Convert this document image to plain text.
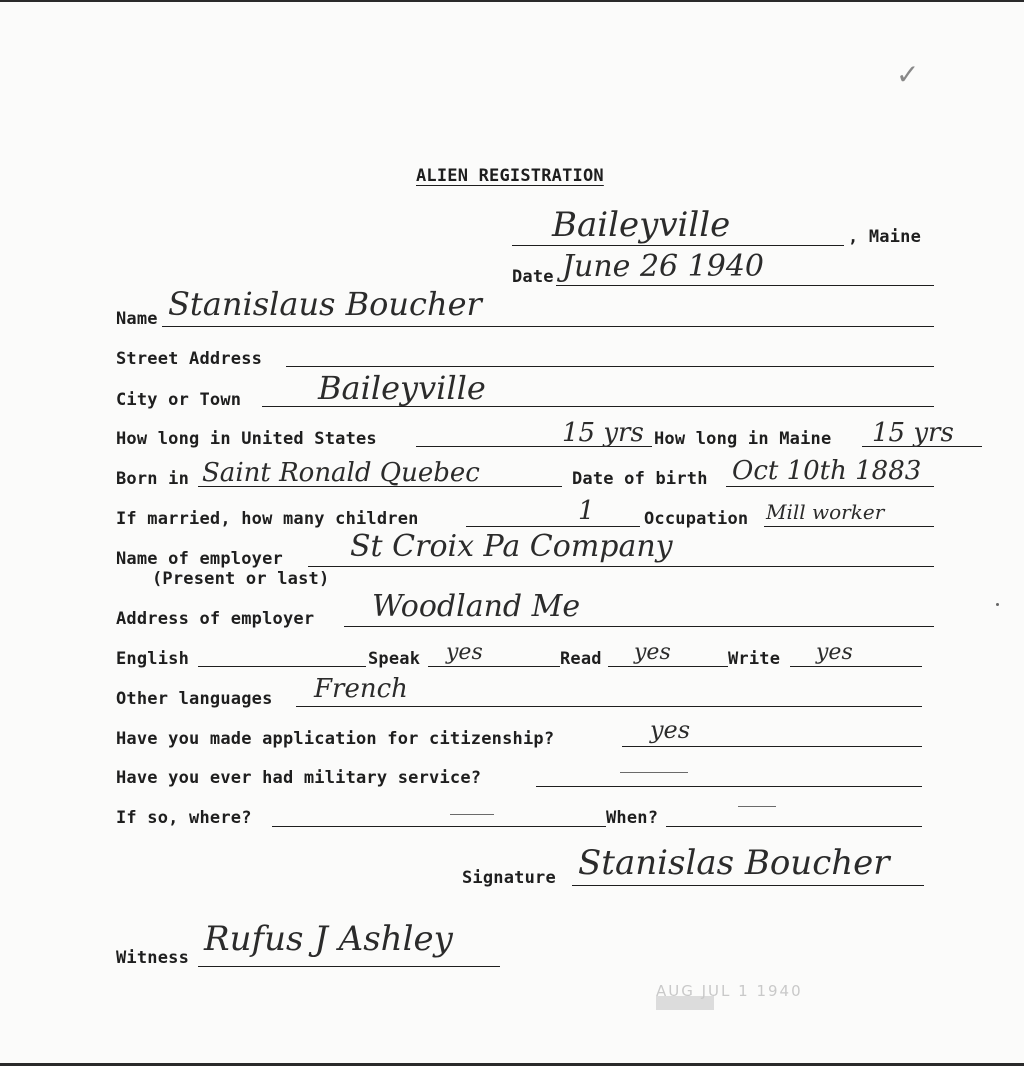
✓
ALIEN REGISTRATION
Baileyville	, Maine
Date June 26 1940
Name Stanislaus Boucher
Street Address
City or Town Baileyville
How long in United States	15 yrs How long in Maine 15 yrs
Born in Saint Ronald Quebec	Date of birth Oct 10th 1883
If married, how many children	1	Occupation Mill worker
Name of employer
(Present or last)
St Croix Pa Company
Address of employer Woodland Me
English	Speak yes	Read yes	Write yes
Other languages French
Have you made application for citizenship?	yes
Have you ever had military service?
If so, where?	When?
Signature Stanislas Boucher
Witness Rufus J Ashley
AUG JUL 1 1940
